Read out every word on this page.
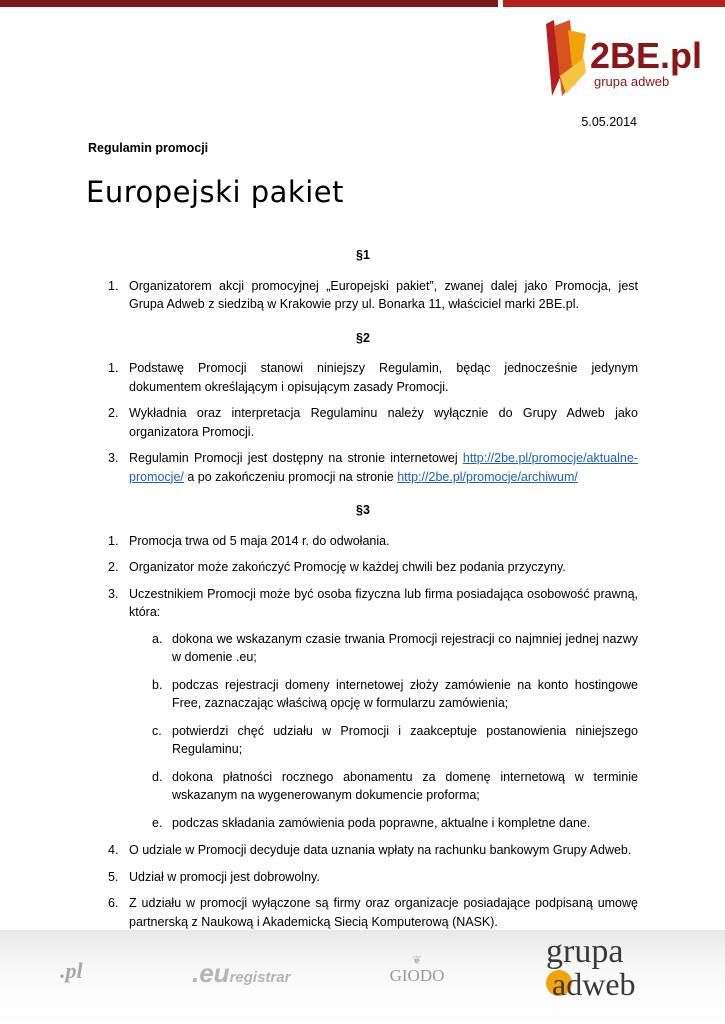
2BE.pl
grupa adweb
5.05.2014
Regulamin promocji
Europejski pakiet
§1
1. Organizatorem akcji promocyjnej „Europejski pakiet”, zwanej dalej jako Promocja, jest Grupa Adweb z siedzibą w Krakowie przy ul. Bonarka 11, właściciel marki 2BE.pl.
§2
1. Podstawę Promocji stanowi niniejszy Regulamin, będąc jednocześnie jedynym dokumentem określającym i opisującym zasady Promocji.
2. Wykładnia oraz interpretacja Regulaminu należy wyłącznie do Grupy Adweb jako organizatora Promocji.
3. Regulamin Promocji jest dostępny na stronie internetowej http://2be.pl/promocje/aktualne-promocje/ a po zakończeniu promocji na stronie http://2be.pl/promocje/archiwum/
§3
1. Promocja trwa od 5 maja 2014 r. do odwołania.
2. Organizator może zakończyć Promocję w każdej chwili bez podania przyczyny.
3. Uczestnikiem Promocji może być osoba fizyczna lub firma posiadająca osobowość prawną, która:
a. dokona we wskazanym czasie trwania Promocji rejestracji co najmniej jednej nazwy w domenie .eu;
b. podczas rejestracji domeny internetowej złoży zamówienie na konto hostingowe Free, zaznaczając właściwą opcję w formularzu zamówienia;
c. potwierdzi chęć udziału w Promocji i zaakceptuje postanowienia niniejszego Regulaminu;
d. dokona płatności rocznego abonamentu za domenę internetową w terminie wskazanym na wygenerowanym dokumencie proforma;
e. podczas składania zamówienia poda poprawne, aktualne i kompletne dane.
4. O udziale w Promocji decyduje data uznania wpłaty na rachunku bankowym Grupy Adweb.
5. Udział w promocji jest dobrowolny.
6. Z udziału w promocji wyłączone są firmy oraz organizacje posiadające podpisaną umowę partnerską z Naukową i Akademicką Siecią Komputerową (NASK).
.pl	.euregistrar
❦
GIODO
grupa
adweb
